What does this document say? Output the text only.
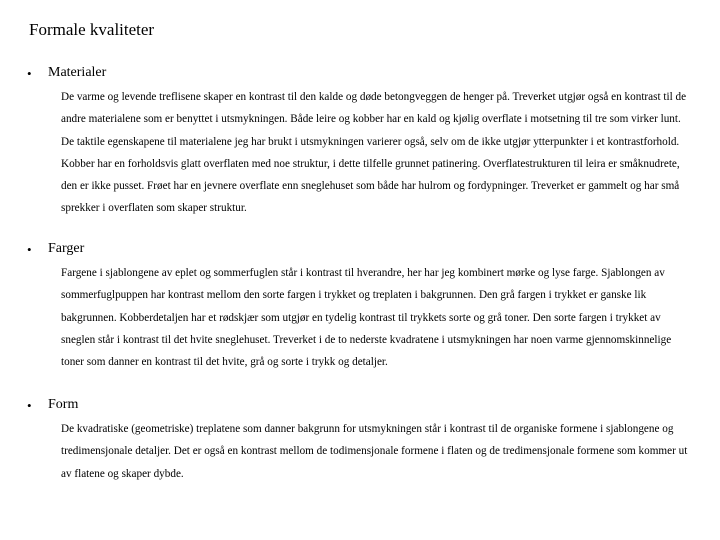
Formale kvaliteter
• Materialer

De varme og levende treflisene skaper en kontrast til den kalde og døde betongveggen de henger på. Treverket utgjør også en kontrast til de andre materialene som er benyttet i utsmykningen. Både leire og kobber har en kald og kjølig overflate i motsetning til tre som virker lunt. De taktile egenskapene til materialene jeg har brukt i utsmykningen varierer også, selv om de ikke utgjør ytterpunkter i et kontrastforhold. Kobber har en forholdsvis glatt overflaten med noe struktur, i dette tilfelle grunnet patinering. Overflatestrukturen til leira er småknudrete, den er ikke pusset. Frøet har en jevnere overflate enn sneglehuset som både har hulrom og fordypninger. Treverket er gammelt og har små sprekker i overflaten som skaper struktur.

• Farger

Fargene i sjablongene av eplet og sommerfuglen står i kontrast til hverandre, her har jeg kombinert mørke og lyse farge. Sjablongen av sommerfuglpuppen har kontrast mellom den sorte fargen i trykket og treplaten i bakgrunnen. Den grå fargen i trykket er ganske lik bakgrunnen. Kobberdetaljen har et rødskjær som utgjør en tydelig kontrast til trykkets sorte og grå toner. Den sorte fargen i trykket av sneglen står i kontrast til det hvite sneglehuset. Treverket i de to nederste kvadratene i utsmykningen har noen varme gjennomskinnelige toner som danner en kontrast til det hvite, grå og sorte i trykk og detaljer.

• Form

De kvadratiske (geometriske) treplatene som danner bakgrunn for utsmykningen står i kontrast til de organiske formene i sjablongene og tredimensjonale detaljer. Det er også en kontrast mellom de todimensjonale formene i flaten og de tredimensjonale formene som kommer ut av flatene og skaper dybde.
